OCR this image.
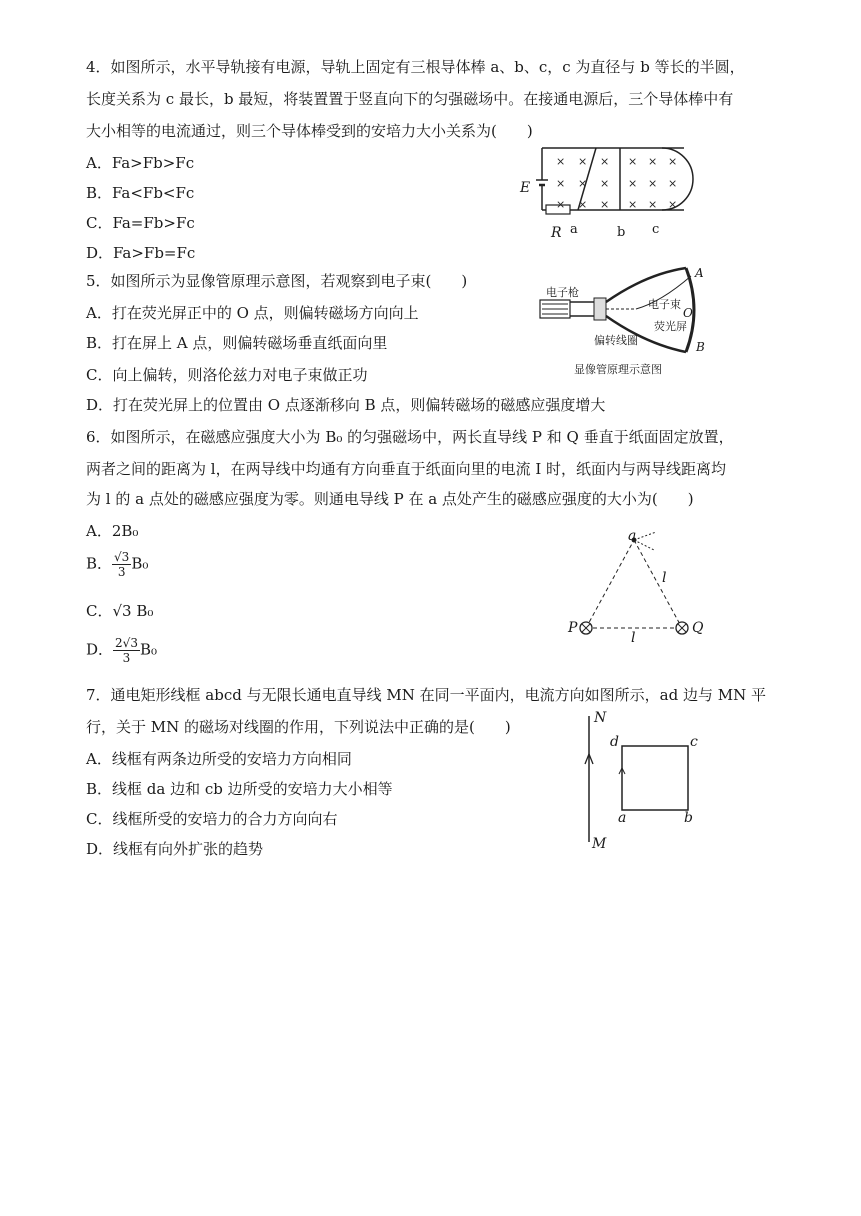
4．如图所示，水平导轨接有电源，导轨上固定有三根导体棒 a、b、c，c 为直径与 b 等长的半圆，
长度关系为 c 最长，b 最短，将装置置于竖直向下的匀强磁场中。在接通电源后，三个导体棒中有
大小相等的电流通过，则三个导体棒受到的安培力大小关系为(　　)
A．Fa>Fb>Fc
B．Fa<Fb<Fc
C．Fa=Fb>Fc
D．Fa>Fb=Fc
× × × × × ×
× × × × × ×
× × × × × ×
E
R a	b c
5．如图所示为显像管原理示意图，若观察到电子束(　　)
A．打在荧光屏正中的 O 点，则偏转磁场方向向上
B．打在屏上 A 点，则偏转磁场垂直纸面向里
C．向上偏转，则洛伦兹力对电子束做正功
D．打在荧光屏上的位置由 O 点逐渐移向 B 点，则偏转磁场的磁感应强度增大
电子枪
电子束
荧光屏
偏转线圈
A
O
B
显像管原理示意图
6．如图所示，在磁感应强度大小为 B₀ 的匀强磁场中，两长直导线 P 和 Q 垂直于纸面固定放置，
两者之间的距离为 l，在两导线中均通有方向垂直于纸面向里的电流 I 时，纸面内与两导线距离均
为 l 的 a 点处的磁感应强度为零。则通电导线 P 在 a 点处产生的磁感应强度的大小为(　　)
A．2B₀
B． $\frac{√3}{3} B_0$
C．√3 B₀
D． $\frac{2√3}{3} B_0$
a
P	Q
l
l
7．通电矩形线框 abcd 与无限长通电直导线 MN 在同一平面内，电流方向如图所示，ad 边与 MN 平
行，关于 MN 的磁场对线圈的作用，下列说法中正确的是(　　)
A．线框有两条边所受的安培力方向相同
B．线框 da 边和 cb 边所受的安培力大小相等
C．线框所受的安培力的合力方向向右
D．线框有向外扩张的趋势
N
M
d	c
a	b
